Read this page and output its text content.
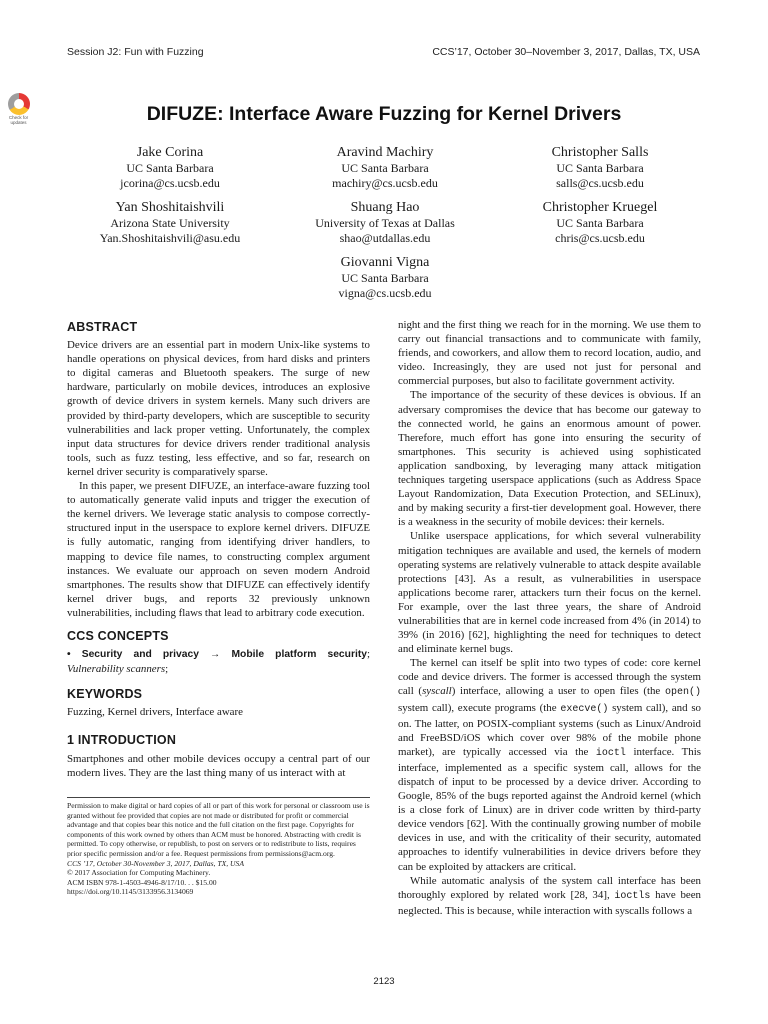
Session J2: Fun with Fuzzing	CCS’17, October 30–November 3, 2017, Dallas, TX, USA
Check for
updates	DIFUZE: Interface Aware Fuzzing for Kernel Drivers
Jake Corina
UC Santa Barbara
jcorina@cs.ucsb.edu
Aravind Machiry
UC Santa Barbara
machiry@cs.ucsb.edu
Christopher Salls
UC Santa Barbara
salls@cs.ucsb.edu
Yan Shoshitaishvili
Arizona State University
Yan.Shoshitaishvili@asu.edu
Shuang Hao
University of Texas at Dallas
shao@utdallas.edu
Christopher Kruegel
UC Santa Barbara
chris@cs.ucsb.edu
Giovanni Vigna
UC Santa Barbara
vigna@cs.ucsb.edu
ABSTRACT

Device drivers are an essential part in modern Unix-like systems to handle operations on physical devices, from hard disks and printers to digital cameras and Bluetooth speakers. The surge of new hardware, particularly on mobile devices, introduces an explosive growth of device drivers in system kernels. Many such drivers are provided by third-party developers, which are susceptible to security vulnerabilities and lack proper vetting. Unfortunately, the complex input data structures for device drivers render traditional analysis tools, such as fuzz testing, less effective, and so far, research on kernel driver security is comparatively sparse.

In this paper, we present DIFUZE, an interface-aware fuzzing tool to automatically generate valid inputs and trigger the execution of the kernel drivers. We leverage static analysis to compose correctly-structured input in the userspace to explore kernel drivers. DIFUZE is fully automatic, ranging from identifying driver handlers, to mapping to device file names, to constructing complex argument instances. We evaluate our approach on seven modern Android smartphones. The results show that DIFUZE can effectively identify kernel driver bugs, and reports 32 previously unknown vulnerabilities, including flaws that lead to arbitrary code execution.

CCS CONCEPTS
• Security and privacy → Mobile platform security; Vulnerability scanners;
KEYWORDS

Fuzzing, Kernel drivers, Interface aware

1 INTRODUCTION

Smartphones and other mobile devices occupy a central part of our modern lives. They are the last thing many of us interact with at

Permission to make digital or hard copies of all or part of this work for personal or classroom use is granted without fee provided that copies are not made or distributed for profit or commercial advantage and that copies bear this notice and the full citation on the first page. Copyrights for components of this work owned by others than ACM must be honored. Abstracting with credit is permitted. To copy otherwise, or republish, to post on servers or to redistribute to lists, requires prior specific permission and/or a fee. Request permissions from permissions@acm.org.

CCS ’17, October 30-November 3, 2017, Dallas, TX, USA

© 2017 Association for Computing Machinery.

ACM ISBN 978-1-4503-4946-8/17/10. . . $15.00

https://doi.org/10.1145/3133956.3134069

night and the first thing we reach for in the morning. We use them to carry out financial transactions and to communicate with family, friends, and coworkers, and allow them to record location, audio, and video. Increasingly, they are used not just for personal and commercial purposes, but also to facilitate government activity.

The importance of the security of these devices is obvious. If an adversary compromises the device that has become our gateway to the connected world, he gains an enormous amount of power. Therefore, much effort has gone into ensuring the security of smartphones. This security is achieved using sophisticated application sandboxing, by leveraging many attack mitigation techniques targeting userspace applications (such as Address Space Layout Randomization, Data Execution Protection, and SELinux), and by making security a first-tier development goal. However, there is a weakness in the security of mobile devices: their kernels.

Unlike userspace applications, for which several vulnerability mitigation techniques are available and used, the kernels of modern operating systems are relatively vulnerable to attack despite available protections [43]. As a result, as vulnerabilities in userspace applications become rarer, attackers turn their focus on the kernel. For example, over the last three years, the share of Android vulnerabilities that are in kernel code increased from 4% (in 2014) to 39% (in 2016) [62], highlighting the need for techniques to detect and eliminate kernel bugs.

The kernel can itself be split into two types of code: core kernel code and device drivers. The former is accessed through the system call (syscall) interface, allowing a user to open files (the open() system call), execute programs (the execve() system call), and so on. The latter, on POSIX-compliant systems (such as Linux/Android and FreeBSD/iOS which cover over 98% of the mobile phone market), are typically accessed via the ioctl interface. This interface, implemented as a specific system call, allows for the dispatch of input to be processed by a device driver. According to Google, 85% of the bugs reported against the Android kernel (which is a close fork of Linux) are in driver code written by third-party device vendors [62]. With the continually growing number of mobile devices in use, and with the criticality of their security, automated approaches to identify vulnerabilities in device drivers before they can be exploited by attackers are critical.

While automatic analysis of the system call interface has been thoroughly explored by related work [28, 34], ioctls have been neglected. This is because, while interaction with syscalls follows a

2123
